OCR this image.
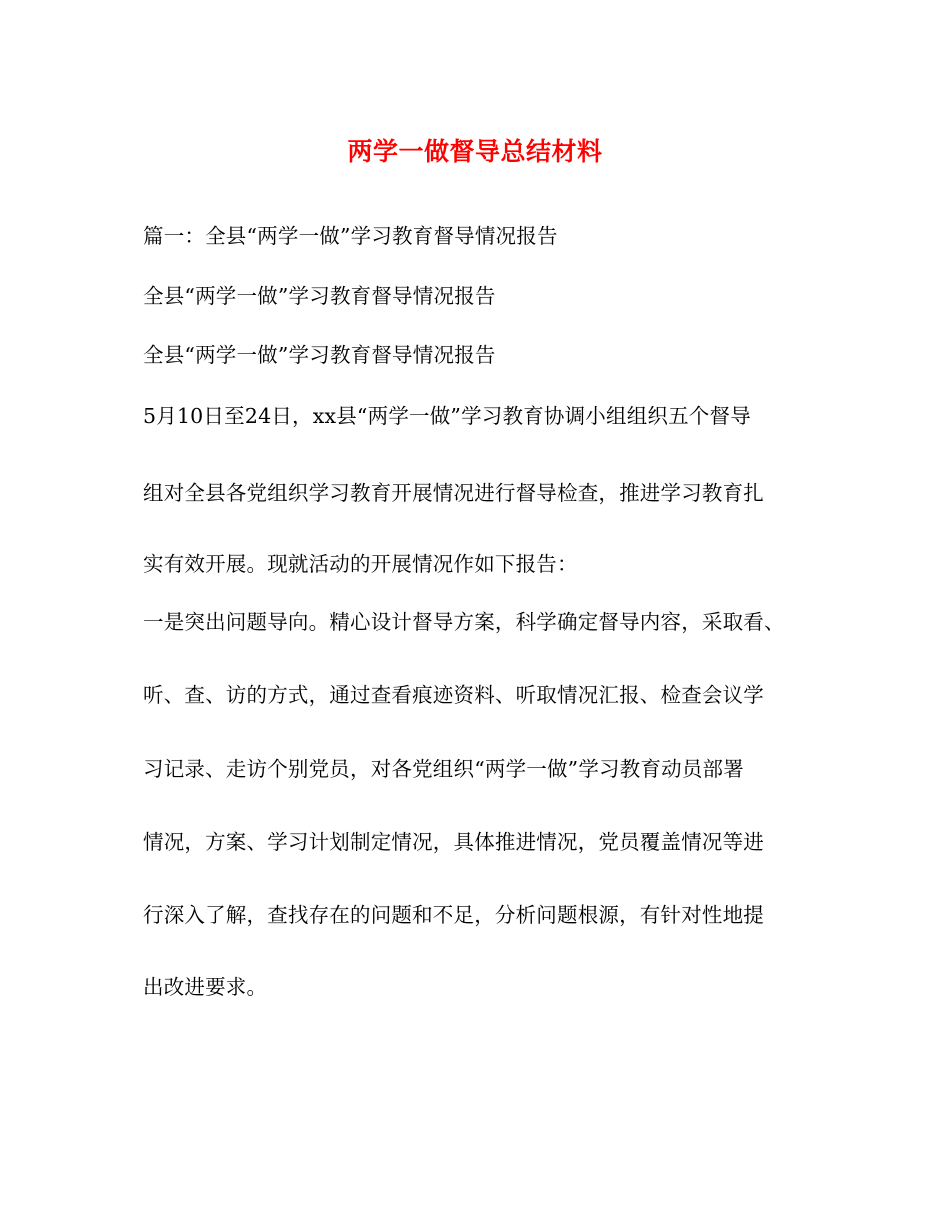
两学一做督导总结材料
篇一：全县“两学一做”学习教育督导情况报告
全县“两学一做”学习教育督导情况报告
全县“两学一做”学习教育督导情况报告
5月10日至24日，xx县“两学一做”学习教育协调小组组织五个督导
组对全县各党组织学习教育开展情况进行督导检查，推进学习教育扎
实有效开展。现就活动的开展情况作如下报告：
一是突出问题导向。精心设计督导方案，科学确定督导内容，采取看、
听、查、访的方式，通过查看痕迹资料、听取情况汇报、检查会议学
习记录、走访个别党员，对各党组织“两学一做”学习教育动员部署
情况，方案、学习计划制定情况，具体推进情况，党员覆盖情况等进
行深入了解，查找存在的问题和不足，分析问题根源，有针对性地提
出改进要求。
